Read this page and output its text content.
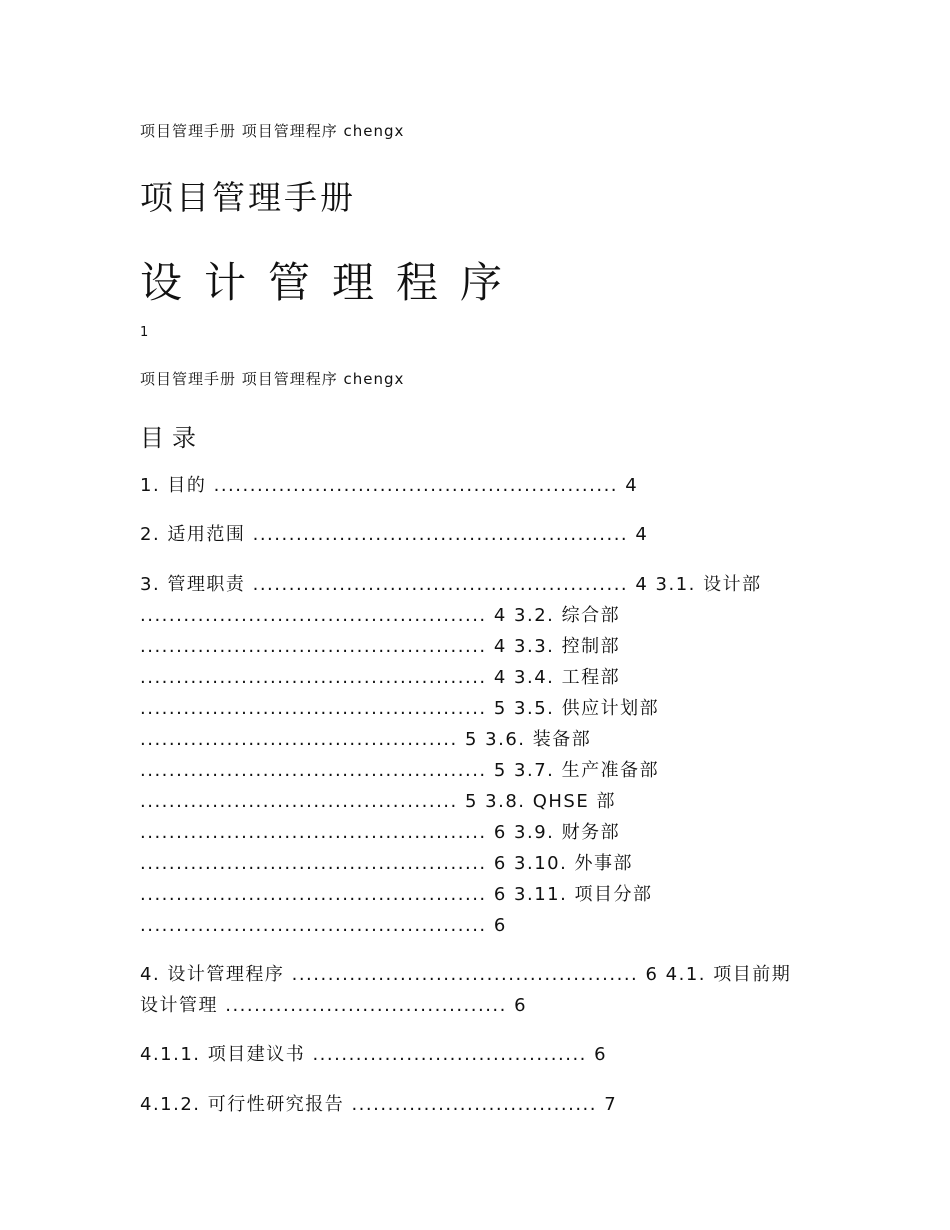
项目管理手册 项目管理程序 chengx
项目管理手册
设计管理程序
1
项目管理手册 项目管理程序 chengx
目录
1. 目的 ........................................................ 4
2. 适用范围 .................................................... 4
3. 管理职责 .................................................... 4 3.1. 设计部
................................................ 4 3.2. 综合部
................................................ 4 3.3. 控制部
................................................ 4 3.4. 工程部
................................................ 5 3.5. 供应计划部
............................................ 5 3.6. 装备部
................................................ 5 3.7. 生产准备部
............................................ 5 3.8. QHSE 部
................................................ 6 3.9. 财务部
................................................ 6 3.10. 外事部
................................................ 6 3.11. 项目分部
................................................ 6
4. 设计管理程序 ................................................ 6 4.1. 项目前期
设计管理 ....................................... 6
4.1.1. 项目建议书 ...................................... 6
4.1.2. 可行性研究报告 .................................. 7
